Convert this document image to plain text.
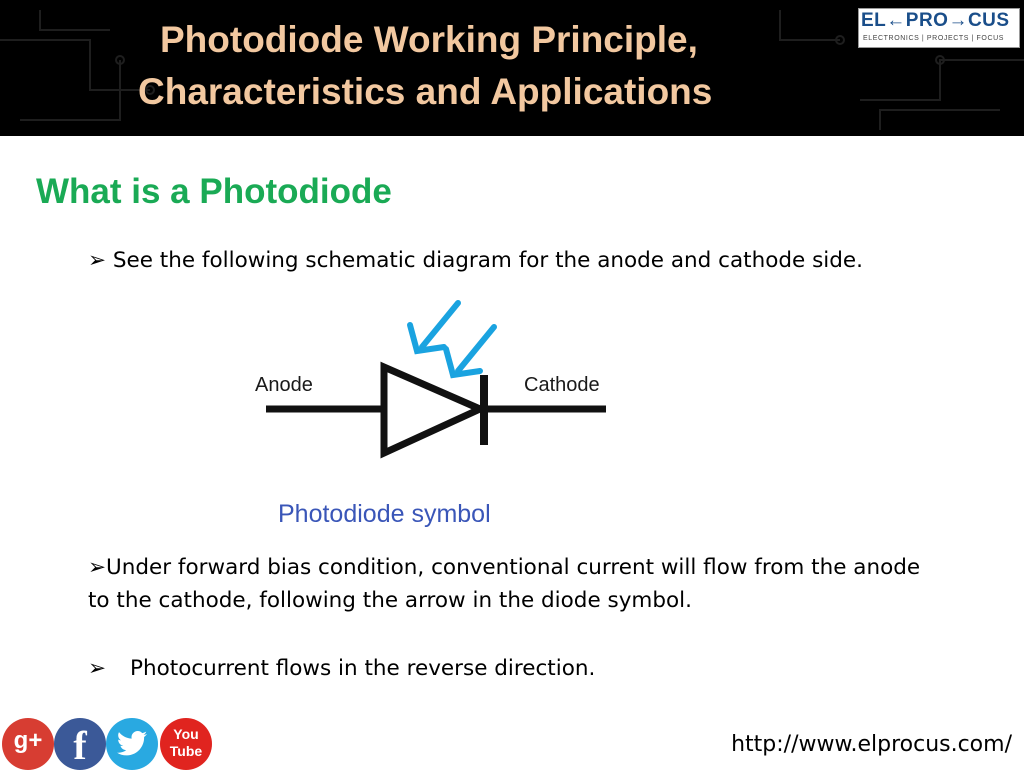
Photodiode Working Principle,
Characteristics and Applications
EL←PRO→CUS
ELECTRONICS | PROJECTS | FOCUS
What is a Photodiode
➢ See the following schematic diagram for the anode and cathode side.
Anode	Cathode
Photodiode symbol
➢Under forward bias condition, conventional current will flow from the anode to the cathode, following the arrow in the diode symbol.
➢ Photocurrent flows in the reverse direction.
g+ f	You
Tube	http://www.elprocus.com/
